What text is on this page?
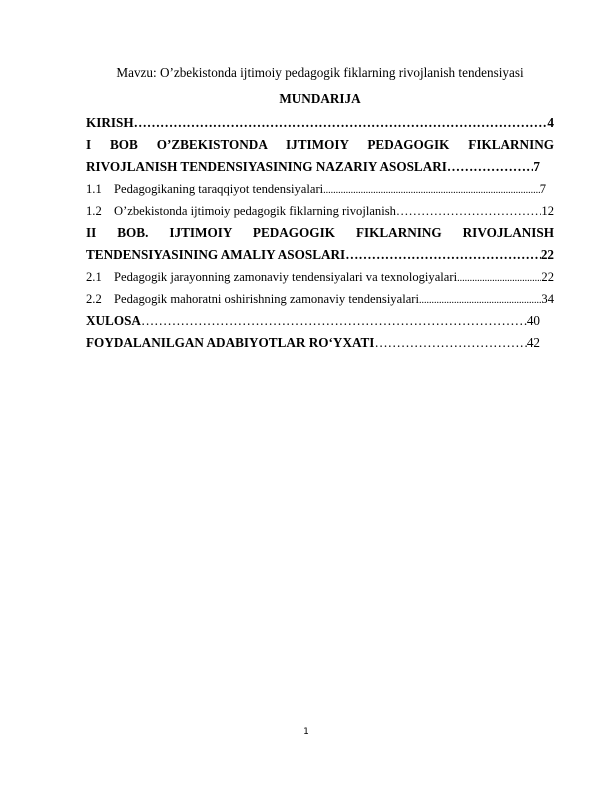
Mavzu: O’zbekistonda ijtimoiy pedagogik fiklarning rivojlanish tendensiyasi
MUNDARIJA
KIRISH …………………………………………………………………………………………………………………………………………………………	4
I BOB O’ZBEKISTONDA IJTIMOIY PEDAGOGIK FIKLARNING
RIVOJLANISH TENDENSIYASINING NAZARIY ASOSLARI …………………………………………………………………………………………………………………………………………………………	7
1.1 Pedagogikaning taraqqiyot tendensiyalari .....	7
1.2 O’zbekistonda ijtimoiy pedagogik fiklarning rivojlanish …………………………………………………………………………………………………………………………………………………………	12
II BOB. IJTIMOIY PEDAGOGIK FIKLARNING RIVOJLANISH
TENDENSIYASINING AMALIY ASOSLARI …………………………………………………………………………………………………………………………………………………………	22
2.1 Pedagogik jarayonning zamonaviy tendensiyalari va texnologiyalari .....	22
2.2 Pedagogik mahoratni oshirishning zamonaviy tendensiyalari .....	34
XULOSA …………………………………………………………………………………………………………………………………………………………	40
FOYDALANILGAN ADABIYOTLAR RO‘YXATI …………………………………………………………………………………………………………………………………………………………	42
1
